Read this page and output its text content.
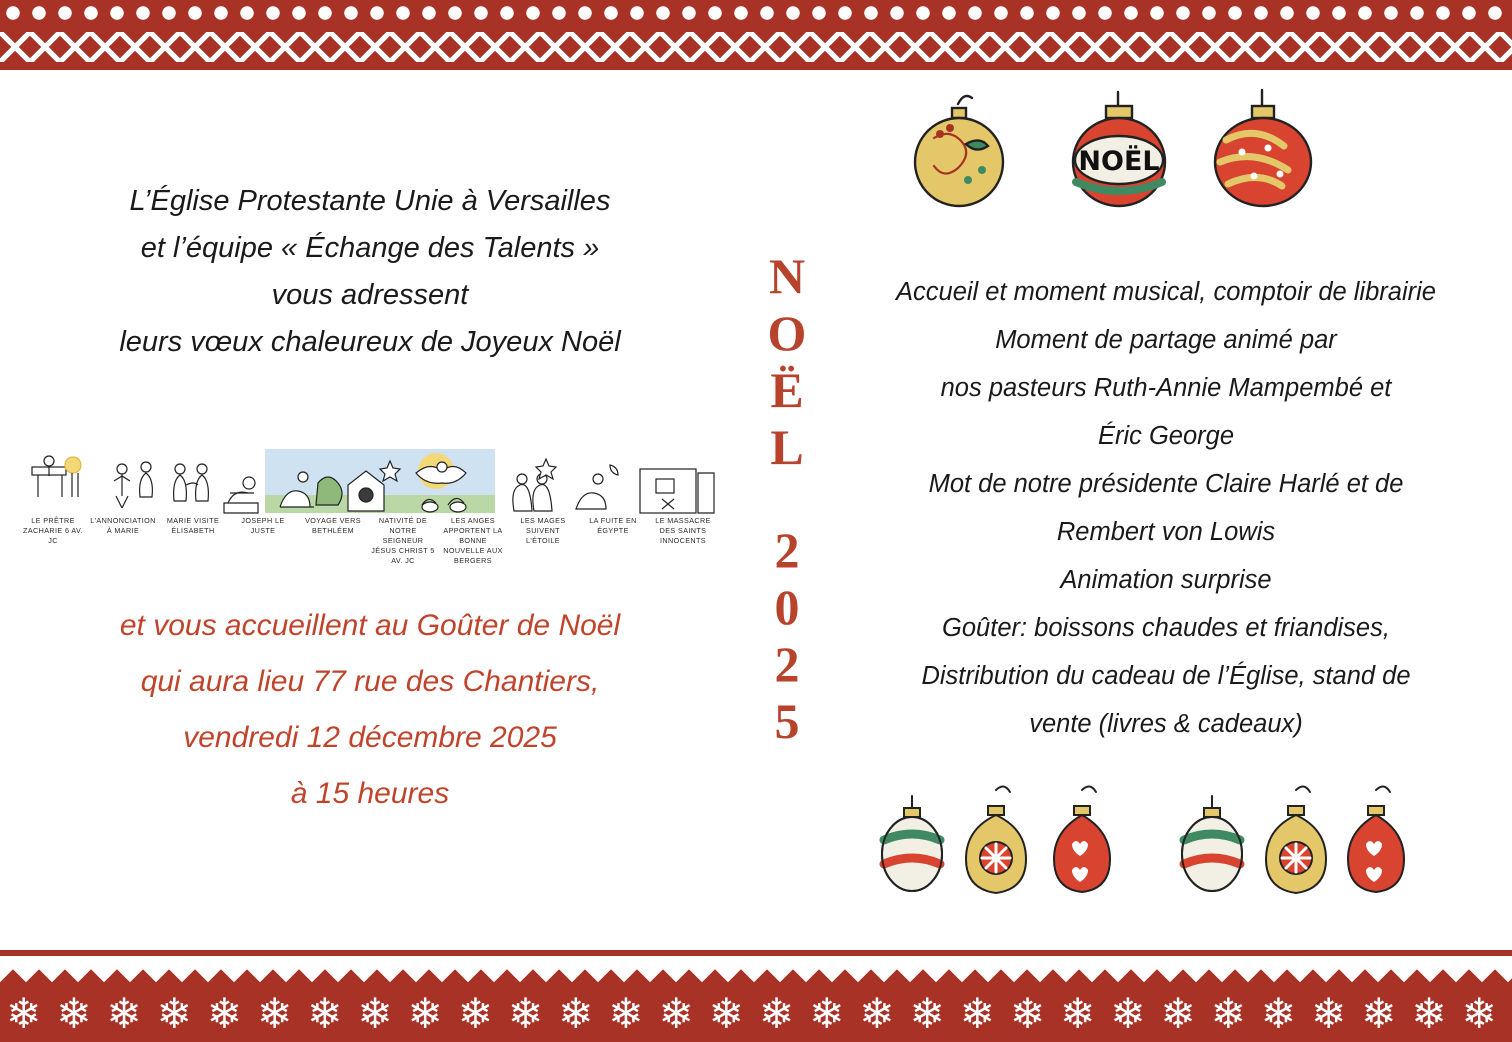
L’Église Protestante Unie à Versailles
et l’équipe « Échange des Talents »
vous adressent
leurs vœux chaleureux de Joyeux Noël
LE PRÊTRE ZACHARIE 6 AV. JC
L'ANNONCIATION À MARIE
MARIE VISITE ÉLISABETH
JOSEPH LE JUSTE
VOYAGE VERS BETHLÉEM
NATIVITÉ DE NOTRE SEIGNEUR JÉSUS CHRIST 5 AV. JC
LES ANGES APPORTENT LA BONNE NOUVELLE AUX BERGERS
LES MAGES SUIVENT L'ÉTOILE
LA FUITE EN ÉGYPTE
LE MASSACRE DES SAINTS INNOCENTS
et vous accueillent au Goûter de Noël
qui aura lieu 77 rue des Chantiers,
vendredi 12 décembre 2025
à 15 heures
N
O
Ë
L
2
0
2
5
NOËL
Accueil et moment musical, comptoir de librairie
Moment de partage animé par
nos pasteurs Ruth-Annie Mampembé et
Éric George
Mot de notre présidente Claire Harlé et de
Rembert von Lowis
Animation surprise
Goûter: boissons chaudes et friandises,
Distribution du cadeau de l’Église, stand de
vente (livres & cadeaux)
❄❄❄❄❄❄❄❄❄❄❄❄❄❄❄❄❄❄❄❄❄❄❄❄❄❄❄❄❄❄
